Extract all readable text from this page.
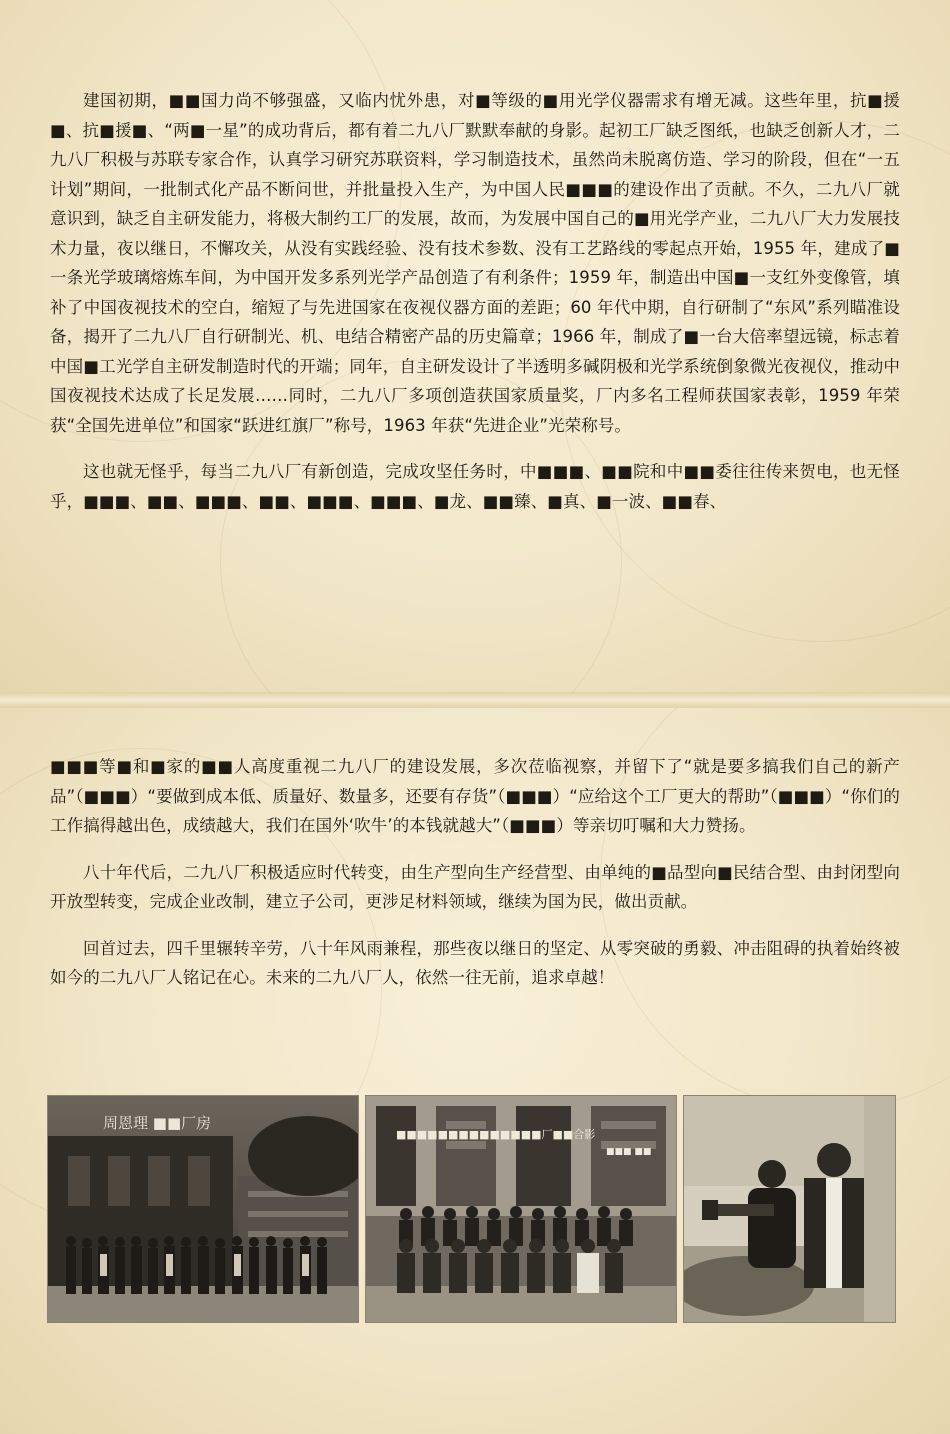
建国初期，■■国力尚不够强盛，又临内忧外患，对■等级的■用光学仪器需求有增无减。这些年里，抗■援■、抗■援■、“两■一星”的成功背后，都有着二九八厂默默奉献的身影。起初工厂缺乏图纸，也缺乏创新人才，二九八厂积极与苏联专家合作，认真学习研究苏联资料，学习制造技术，虽然尚未脱离仿造、学习的阶段，但在“一五计划”期间，一批制式化产品不断问世，并批量投入生产，为中国人民■■■的建设作出了贡献。不久，二九八厂就意识到，缺乏自主研发能力，将极大制约工厂的发展，故而，为发展中国自己的■用光学产业，二九八厂大力发展技术力量，夜以继日，不懈攻关，从没有实践经验、没有技术参数、没有工艺路线的零起点开始，1955 年，建成了■一条光学玻璃熔炼车间，为中国开发多系列光学产品创造了有利条件；1959 年，制造出中国■一支红外变像管，填补了中国夜视技术的空白，缩短了与先进国家在夜视仪器方面的差距；60 年代中期，自行研制了“东风”系列瞄准设备，揭开了二九八厂自行研制光、机、电结合精密产品的历史篇章；1966 年，制成了■一台大倍率望远镜，标志着中国■工光学自主研发制造时代的开端；同年，自主研发设计了半透明多碱阴极和光学系统倒象微光夜视仪，推动中国夜视技术达成了长足发展……同时，二九八厂多项创造获国家质量奖，厂内多名工程师获国家表彰，1959 年荣获“全国先进单位”和国家“跃进红旗厂”称号，1963 年获“先进企业”光荣称号。

这也就无怪乎，每当二九八厂有新创造，完成攻坚任务时，中■■■、■■院和中■■委往往传来贺电，也无怪乎，■■■、■■、■■■、■■、■■■、■■■、■龙、■■臻、■真、■一波、■■春、

■■■等■和■家的■■人高度重视二九八厂的建设发展，多次莅临视察，并留下了“就是要多搞我们自己的新产品”（■■■）“要做到成本低、质量好、数量多，还要有存货”（■■■）“应给这个工厂更大的帮助”（■■■）“你们的工作搞得越出色，成绩越大，我们在国外‘吹牛’的本钱就越大”（■■■）等亲切叮嘱和大力赞扬。

八十年代后，二九八厂积极适应时代转变，由生产型向生产经营型、由单纯的■品型向■民结合型、由封闭型向开放型转变，完成企业改制，建立子公司，更涉足材料领域，继续为国为民，做出贡献。

回首过去，四千里辗转辛劳，八十年风雨兼程，那些夜以继日的坚定、从零突破的勇毅、冲击阻碍的执着始终被如今的二九八厂人铭记在心。未来的二九八厂人，依然一往无前，追求卓越！

周恩理 ■■厂房
■■■■■■■■■■■■■■厂■■合影
■■■ ■■
